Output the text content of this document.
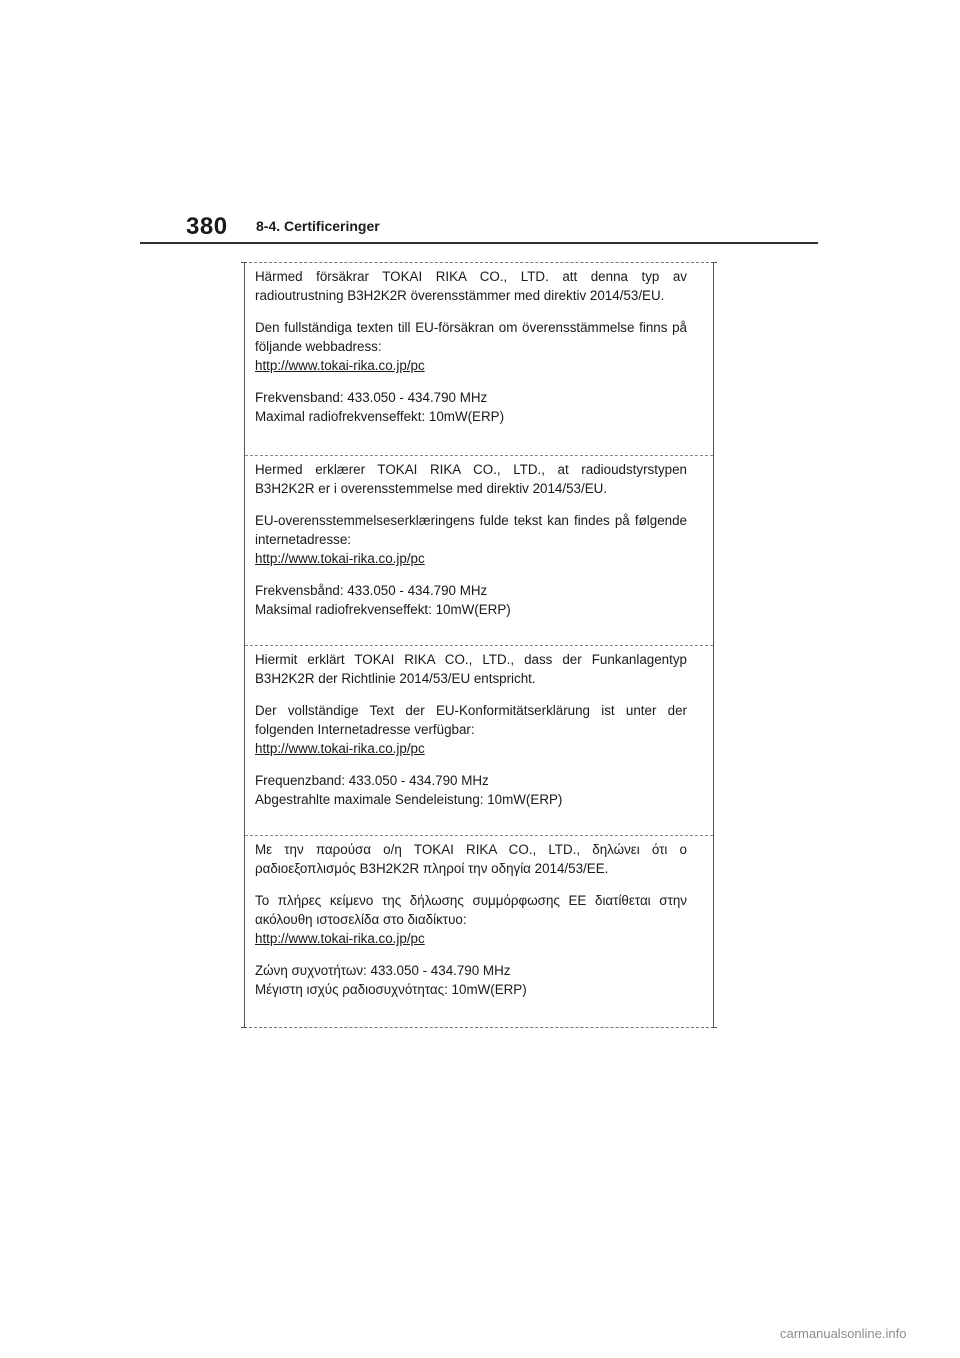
380 8-4. Certificeringer

Härmed försäkrar TOKAI RIKA CO., LTD. att denna typ av radioutrustning B3H2K2R överensstämmer med direktiv 2014/53/EU.

Den fullständiga texten till EU-försäkran om överensstämmelse finns på följande webbadress:

http://www.tokai-rika.co.jp/pc

Frekvensband: 433.050 - 434.790 MHz

Maximal radiofrekvenseffekt: 10mW(ERP)

Hermed erklærer TOKAI RIKA CO., LTD., at radioudstyrstypen B3H2K2R er i overensstemmelse med direktiv 2014/53/EU.

EU-overensstemmelseserklæringens fulde tekst kan findes på følgende internetadresse:

http://www.tokai-rika.co.jp/pc

Frekvensbånd: 433.050 - 434.790 MHz

Maksimal radiofrekvenseffekt: 10mW(ERP)

Hiermit erklärt TOKAI RIKA CO., LTD., dass der Funkanlagentyp B3H2K2R der Richtlinie 2014/53/EU entspricht.

Der vollständige Text der EU-Konformitätserklärung ist unter der folgenden Internetadresse verfügbar:

http://www.tokai-rika.co.jp/pc

Frequenzband: 433.050 - 434.790 MHz

Abgestrahlte maximale Sendeleistung: 10mW(ERP)

Με την παρούσα ο/η TOKAI RIKA CO., LTD., δηλώνει ότι ο ραδιοεξοπλισμός B3H2K2R πληροί την οδηγία 2014/53/ΕΕ.

Το πλήρες κείμενο της δήλωσης συμμόρφωσης ΕΕ διατίθεται στην ακόλουθη ιστοσελίδα στο διαδίκτυο:

http://www.tokai-rika.co.jp/pc

Ζώνη συχνοτήτων: 433.050 - 434.790 MHz

Μέγιστη ισχύς ραδιοσυχνότητας: 10mW(ERP)

carmanualsonline.info
